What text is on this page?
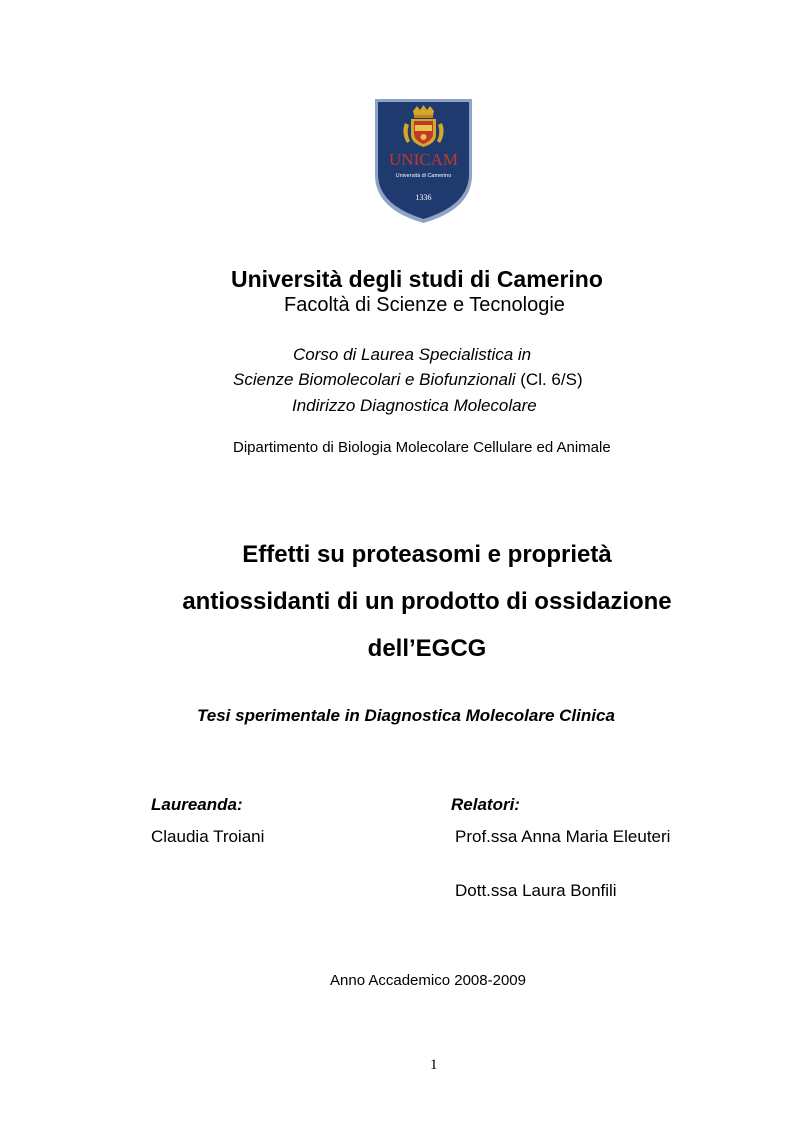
UNICAM
Università di Camerino
1336
Università degli studi di Camerino
Facoltà di Scienze e Tecnologie
Corso di Laurea Specialistica in
Scienze Biomolecolari e Biofunzionali (Cl. 6/S)
Indirizzo Diagnostica Molecolare
Dipartimento di Biologia Molecolare Cellulare ed Animale
Effetti su proteasomi e proprietà
antiossidanti di un prodotto di ossidazione
dell’EGCG
Tesi sperimentale in Diagnostica Molecolare Clinica
Laureanda:	Relatori:
Claudia Troiani	Prof.ssa Anna Maria Eleuteri
Dott.ssa Laura Bonfili
Anno Accademico 2008-2009
1
